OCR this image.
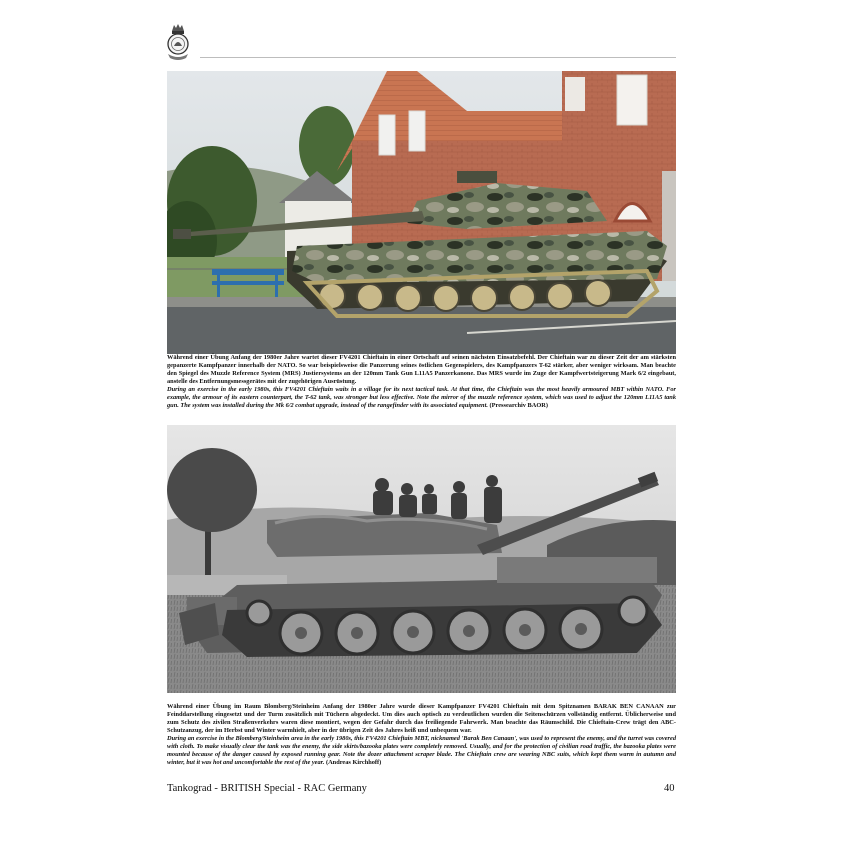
Während einer Übung Anfang der 1980er Jahre wartet dieser FV4201 Chieftain in einer Ortschaft auf seinen nächsten Einsatzbefehl. Der Chieftain war zu dieser Zeit der am stärksten gepanzerte Kampfpanzer innerhalb der NATO. So war beispielsweise die Panzerung seines östlichen Gegenspielers, des Kampfpanzers T-62 stärker, aber weniger wirksam. Man beachte den Spiegel des Muzzle Reference System (MRS) Justiersystems an der 120mm Tank Gun L11A5 Panzerkanone. Das MRS wurde im Zuge der Kampfwertsteigerung Mark 6/2 eingebaut, anstelle des Entfernungsmessgerätes mit der zugehörigen Ausrüstung.

During an exercise in the early 1980s, this FV4201 Chieftain waits in a village for its next tactical task. At that time, the Chieftain was the most heavily armoured MBT within NATO. For example, the armour of its eastern counterpart, the T-62 tank, was stronger but less effective. Note the mirror of the muzzle reference system, which was used to adjust the 120mm L11A5 tank gun. The system was installed during the Mk 6/2 combat upgrade, instead of the rangefinder with its associated equipment. (Pressearchiv BAOR)

Während einer Übung im Raum Blomberg/Steinheim Anfang der 1980er Jahre wurde dieser Kampfpanzer FV4201 Chieftain mit dem Spitznamen BARAK BEN CANAAN zur Feinddarstellung eingesetzt und der Turm zusätzlich mit Tüchern abgedeckt. Um dies auch optisch zu verdeutlichen wurden die Seitenschürzen vollständig entfernt. Üblicherweise und zum Schutz des zivilen Straßenverkehrs waren diese montiert, wegen der Gefahr durch das freiliegende Fahrwerk. Man beachte das Räumschild. Die Chieftain-Crew trägt den ABC-Schutzanzug, der im Herbst und Winter warmhielt, aber in der übrigen Zeit des Jahres heiß und unbequem war.

During an exercise in the Blomberg/Steinheim area in the early 1980s, this FV4201 Chieftain MBT, nicknamed 'Barak Ben Canaan', was used to represent the enemy, and the turret was covered with cloth. To make visually clear the tank was the enemy, the side skirts/bazooka plates were completely removed. Usually, and for the protection of civilian road traffic, the bazooka plates were mounted because of the danger caused by exposed running gear. Note the dozer attachment scraper blade. The Chieftain crew are wearing NBC suits, which kept them warm in autumn and winter, but it was hot and uncomfortable the rest of the year. (Andreas Kirchhoff)

Tankograd - BRITISH Special - RAC Germany	40
